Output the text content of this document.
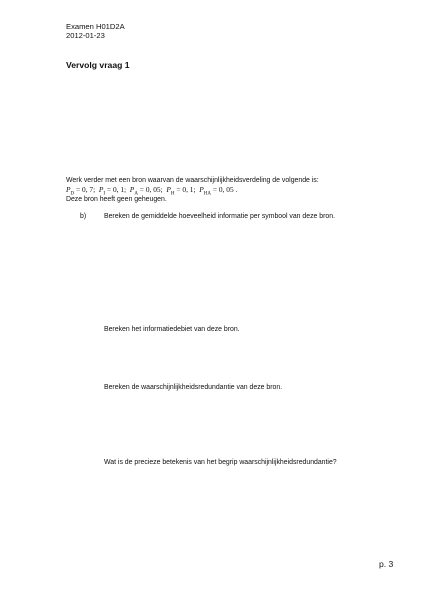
Examen H01D2A
2012-01-23
Vervolg vraag 1
Werk verder met een bron waarvan de waarschijnlijkheidsverdeling de volgende is:
$P_D = 0$, 7;  $P_I = 0$, 1;  $P_A = 0$, 05;  $P_H = 0$, 1;  $P_{HA} = 0$, 05 .
Deze bron heeft geen geheugen.
b)	Bereken de gemiddelde hoeveelheid informatie per symbool van deze bron.
Bereken het informatiedebiet van deze bron.
Bereken de waarschijnlijkheidsredundantie van deze bron.
Wat is de precieze betekenis van het begrip waarschijnlijkheidsredundantie?
p. 3
